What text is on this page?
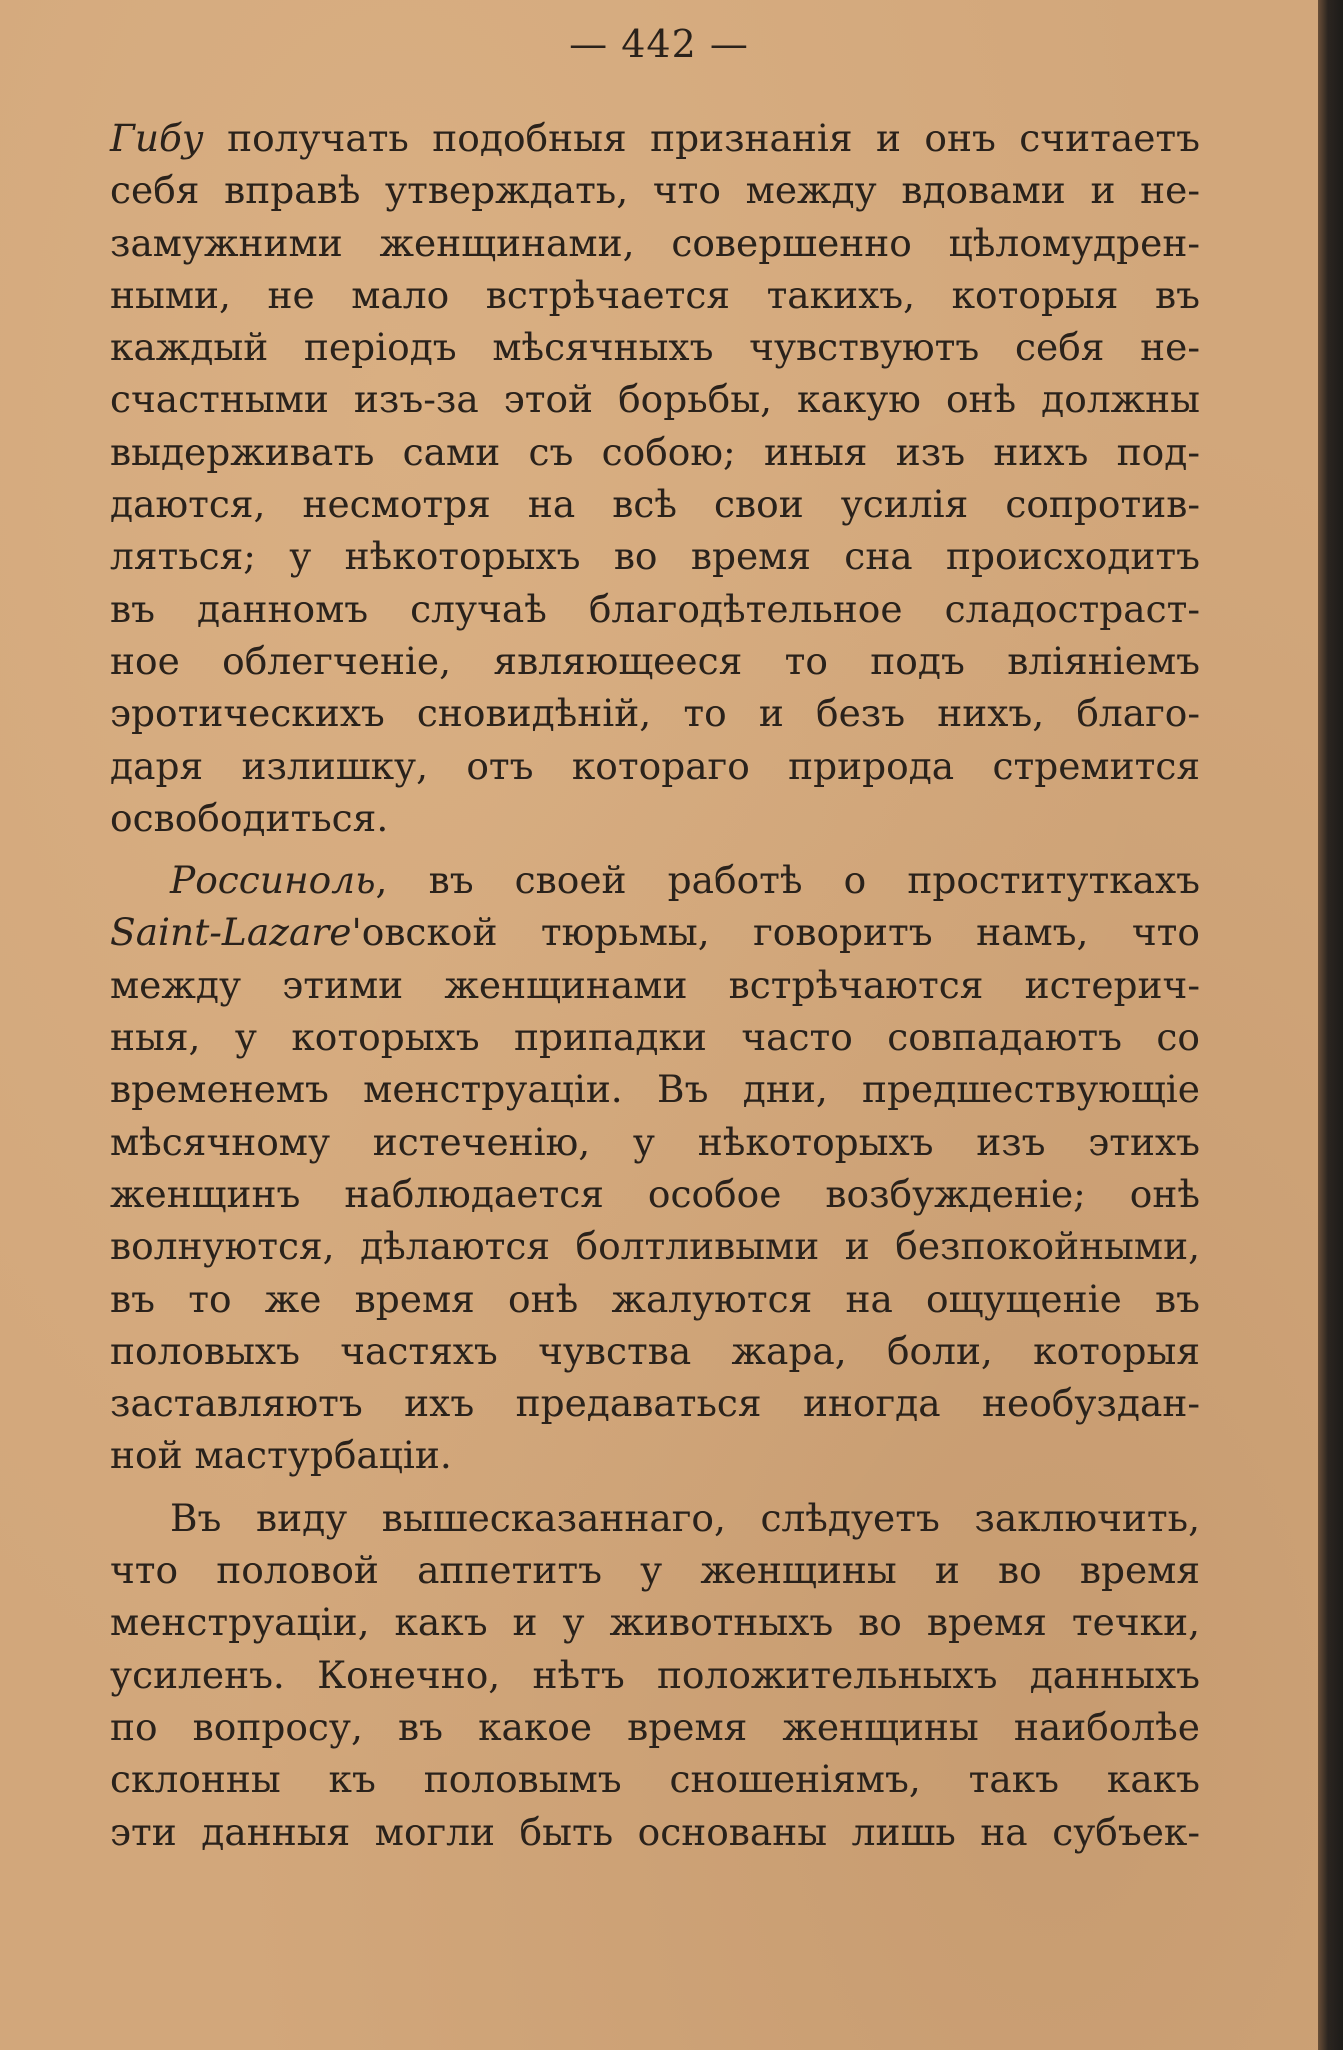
— 442 —

Гибу получать подобныя признанія и онъ считаетъ
себя вправѣ утверждать, что между вдовами и не-
замужними женщинами, совершенно цѣломудрен-
ными, не мало встрѣчается такихъ, которыя въ
каждый періодъ мѣсячныхъ чувствуютъ себя не-
счастными изъ-за этой борьбы, какую онѣ должны
выдерживать сами съ собою; иныя изъ нихъ под-
даются, несмотря на всѣ свои усилія сопротив-
ляться; у нѣкоторыхъ во время сна происходитъ
въ данномъ случаѣ благодѣтельное сладостраст-
ное облегченіе, являющееся то подъ вліяніемъ
эротическихъ сновидѣній, то и безъ нихъ, благо-
даря излишку, отъ котораго природа стремится
освободиться.

Россиноль, въ своей работѣ о проституткахъ
Saint-Lazare'овской тюрьмы, говоритъ намъ, что
между этими женщинами встрѣчаются истерич-
ныя, у которыхъ припадки часто совпадаютъ со
временемъ менструаціи. Въ дни, предшествующіе
мѣсячному истеченію, у нѣкоторыхъ изъ этихъ
женщинъ наблюдается особое возбужденіе; онѣ
волнуются, дѣлаются болтливыми и безпокойными,
въ то же время онѣ жалуются на ощущеніе въ
половыхъ частяхъ чувства жара, боли, которыя
заставляютъ ихъ предаваться иногда необуздан-
ной мастурбаціи.

Въ виду вышесказаннаго, слѣдуетъ заключить,
что половой аппетитъ у женщины и во время
менструаціи, какъ и у животныхъ во время течки,
усиленъ. Конечно, нѣтъ положительныхъ данныхъ
по вопросу, въ какое время женщины наиболѣе
склонны къ половымъ сношеніямъ, такъ какъ
эти данныя могли быть основаны лишь на субъек-
